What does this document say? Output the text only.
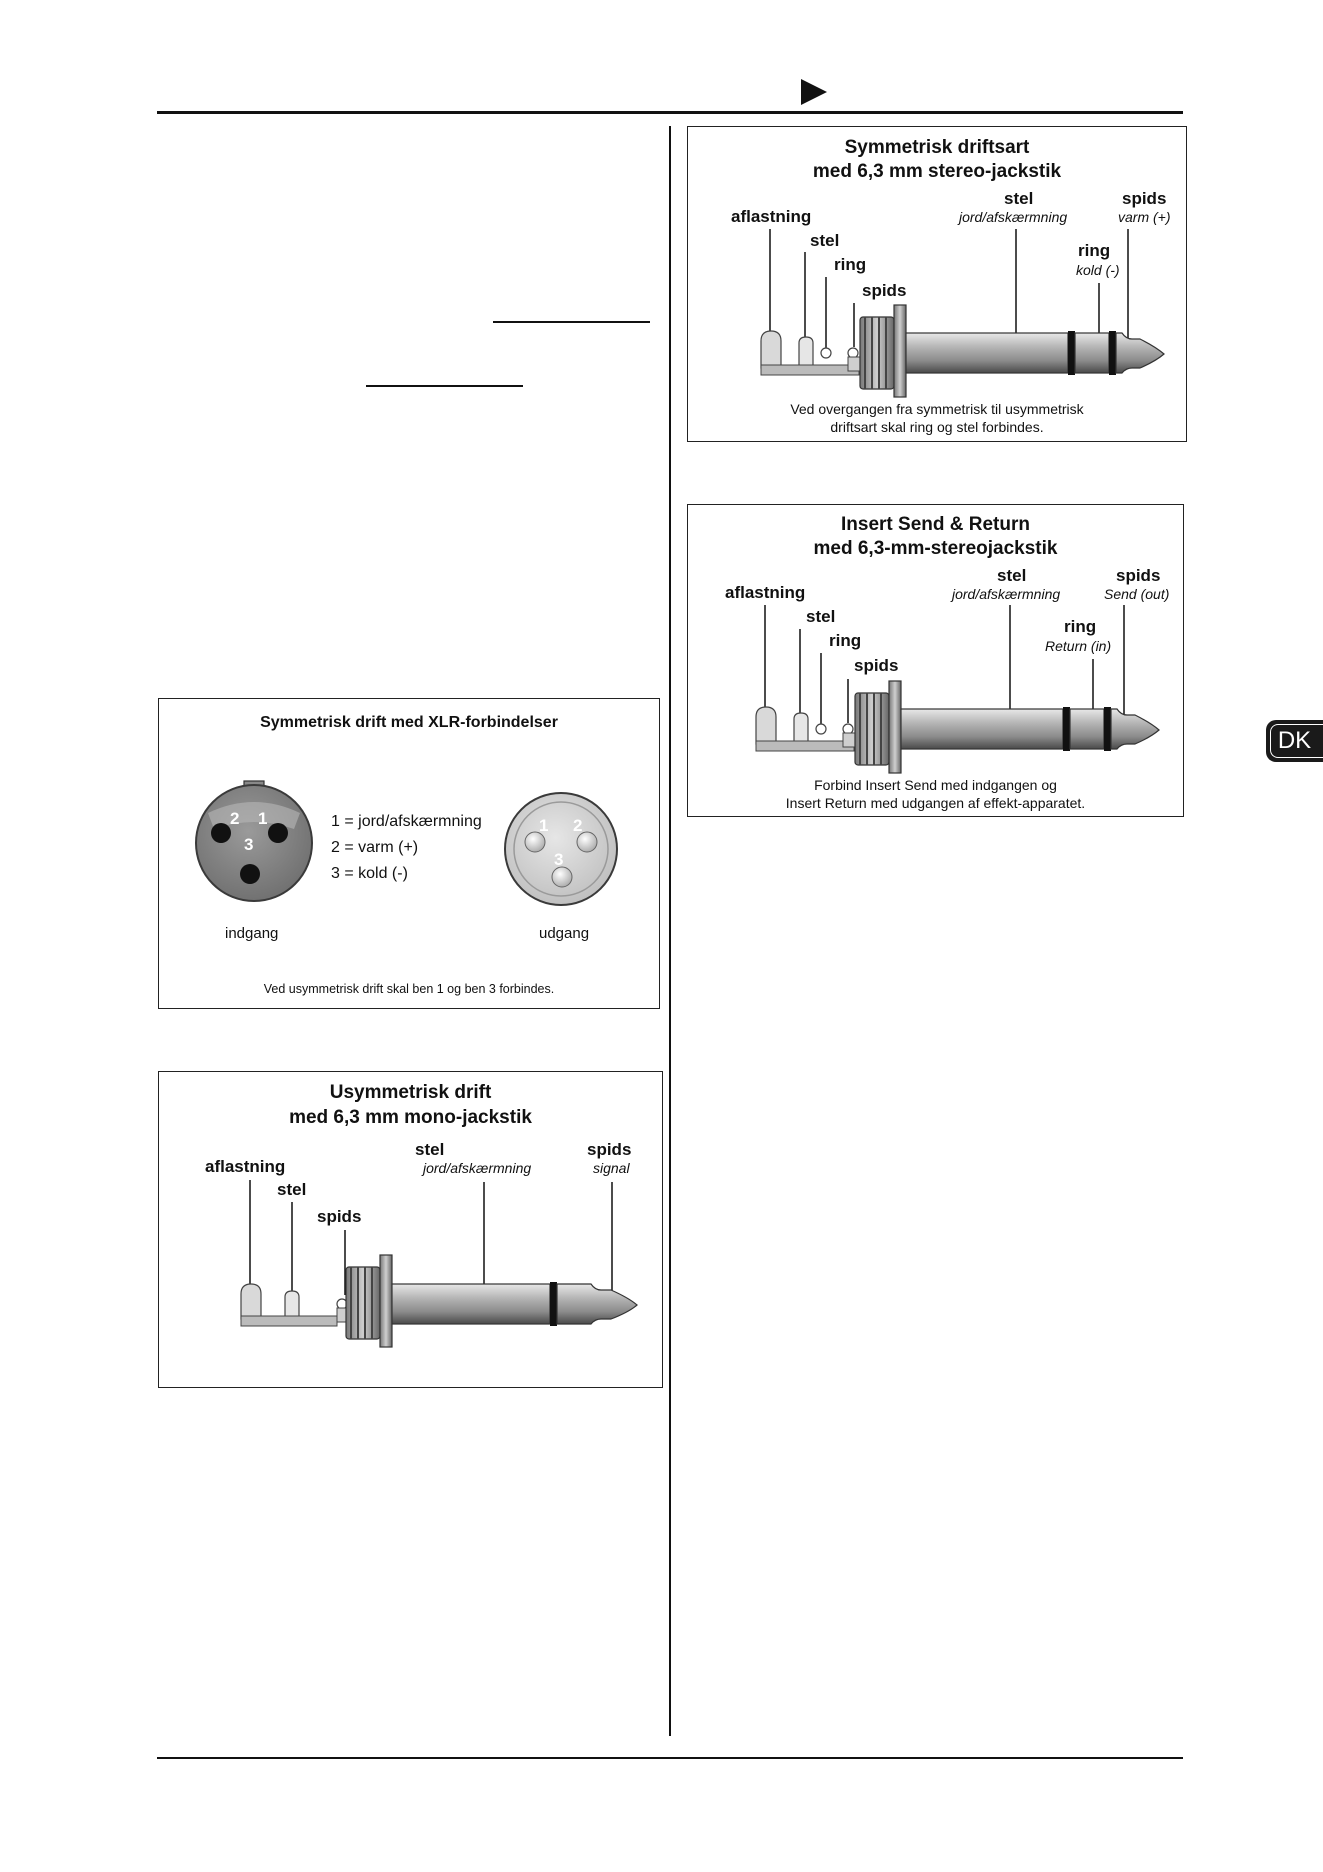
Symmetrisk drift med XLR-forbindelser
2 1
3
1 = jord/afskærmning
2 = varm (+)
3 = kold (-)
1 2
3
indgang	udgang
Ved usymmetrisk drift skal ben 1 og ben 3 forbindes.
Usymmetrisk drift
med 6,3 mm mono-jackstik
aflastning
stel
spids
stel
jord/afskærmning
spids
signal
Symmetrisk driftsart
med 6,3 mm stereo-jackstik
aflastning
stel
ring
spids
stel
jord/afskærmning
spids
varm (+)
ring
kold (-)
Ved overgangen fra symmetrisk til usymmetrisk
driftsart skal ring og stel forbindes.
Insert Send & Return
med 6,3-mm-stereojackstik
aflastning
stel
ring
spids
stel
jord/afskærmning
spids
Send (out)
ring
Return (in)
Forbind Insert Send med indgangen og
Insert Return med udgangen af effekt-apparatet.
DK
